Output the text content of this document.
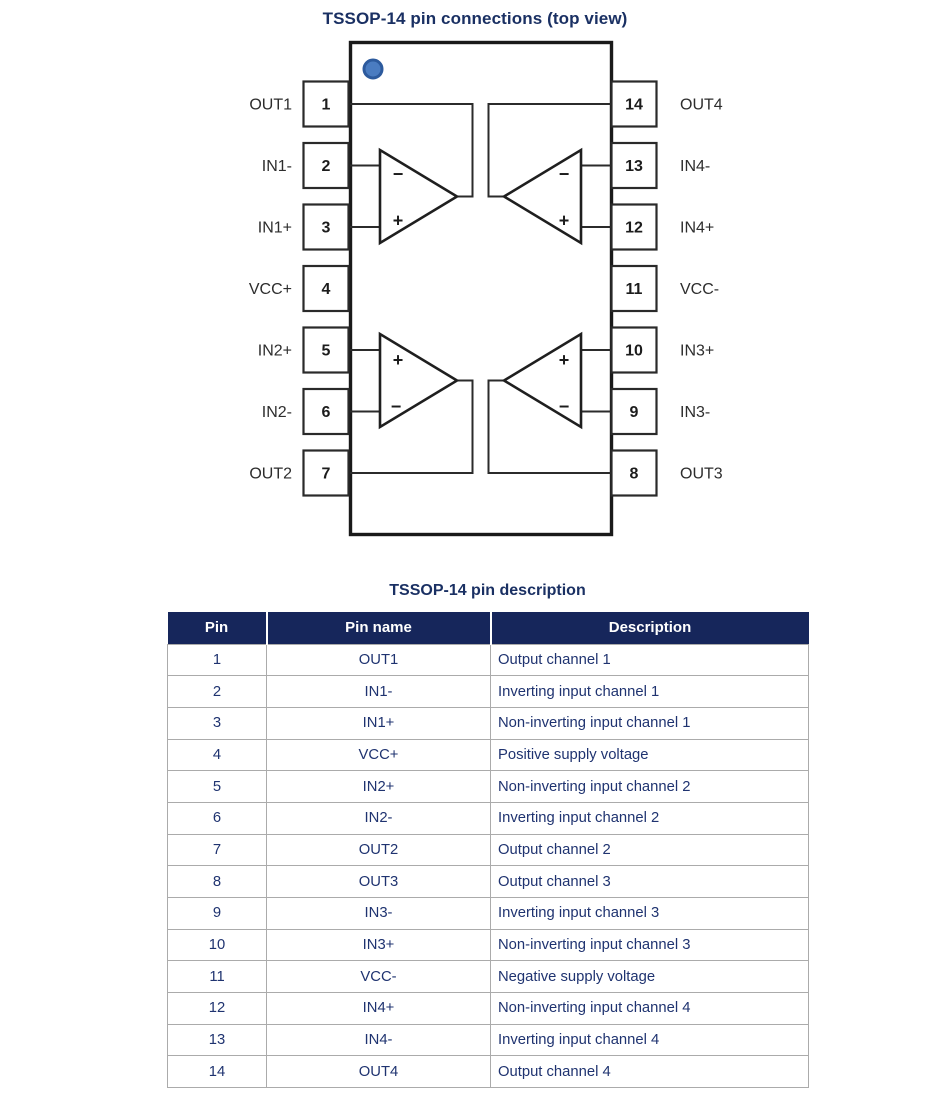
TSSOP-14 pin connections (top view)
−
+
−
+
+
−
+
−
1
OUT1
2
IN1-
3
IN1+
4
VCC+
5
IN2+
6
IN2-
7
OUT2
14 OUT4
13 IN4-
12 IN4+
11 VCC-
10 IN3+
9	IN3-
8	OUT3
TSSOP-14 pin description
Pin	Pin name	Description
1	OUT1	Output channel 1
2	IN1-	Inverting input channel 1
3	IN1+	Non-inverting input channel 1
4	VCC+	Positive supply voltage
5	IN2+	Non-inverting input channel 2
6	IN2-	Inverting input channel 2
7	OUT2	Output channel 2
8	OUT3	Output channel 3
9	IN3-	Inverting input channel 3
10	IN3+	Non-inverting input channel 3
11	VCC-	Negative supply voltage
12	IN4+	Non-inverting input channel 4
13	IN4-	Inverting input channel 4
14	OUT4	Output channel 4
